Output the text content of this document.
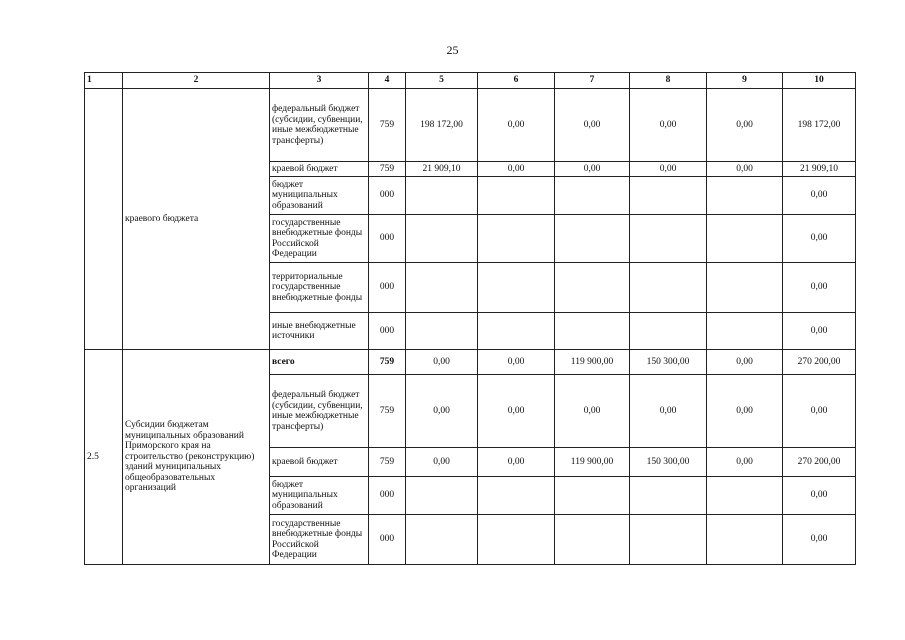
25
1	2	3	4	5	6	7	8	9	10
	краевого бюджета	федеральный бюджет (субсидии, субвенции, иные межбюджетные трансферты)	759	198 172,00	0,00	0,00	0,00	0,00	198 172,00
		краевой бюджет	759	21 909,10	0,00	0,00	0,00	0,00	21 909,10
		бюджет муниципальных образований	000						0,00
		государственные внебюджетные фонды Российской Федерации	000						0,00
		территориальные государственные внебюджетные фонды	000						0,00
		иные внебюджетные источники	000						0,00
2.5	Субсидии бюджетам муниципальных образований Приморского края на строительство (реконструкцию) зданий муниципальных общеобразовательных организаций	всего	759	0,00	0,00	119 900,00	150 300,00	0,00	270 200,00
		федеральный бюджет (субсидии, субвенции, иные межбюджетные трансферты)	759	0,00	0,00	0,00	0,00	0,00	0,00
		краевой бюджет	759	0,00	0,00	119 900,00	150 300,00	0,00	270 200,00
		бюджет муниципальных образований	000						0,00
		государственные внебюджетные фонды Российской Федерации	000						0,00
